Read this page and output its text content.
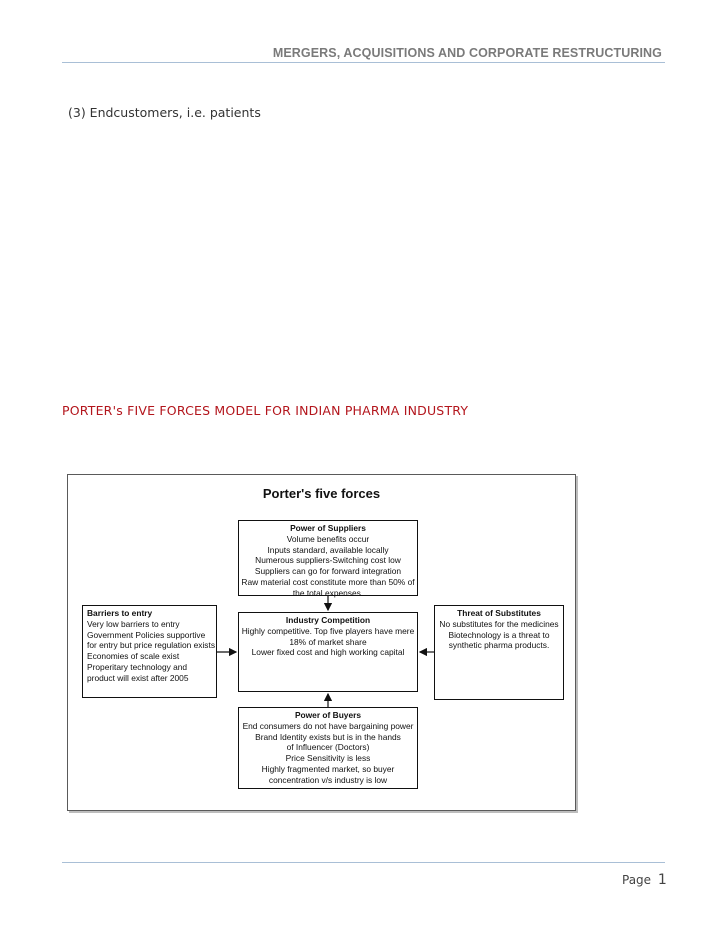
MERGERS, ACQUISITIONS AND CORPORATE RESTRUCTURING
(3) Endcustomers, i.e. patients
PORTER's FIVE FORCES MODEL FOR INDIAN PHARMA INDUSTRY
Porter's five forces
Power of Suppliers
Volume benefits occur
Inputs standard, available locally
Numerous suppliers-Switching cost low
Suppliers can go for forward integration
Raw material cost constitute more than 50% of
the total expenses.
Industry Competition
Highly competitive. Top five players have mere
18% of market share
Lower fixed cost and high working capital
Power of Buyers
End consumers do not have bargaining power
Brand Identity exists but is in the hands
of Influencer (Doctors)
Price Sensitivity is less
Highly fragmented market, so buyer
concentration v/s industry is low
Barriers to entry
Very low barriers to entry
Government Policies supportive
for entry but price regulation exists
Economies of scale exist
Properitary technology and
product will exist after 2005
Threat of Substitutes
No substitutes for the medicines
Biotechnology is a threat to
synthetic pharma products.
Page 1
